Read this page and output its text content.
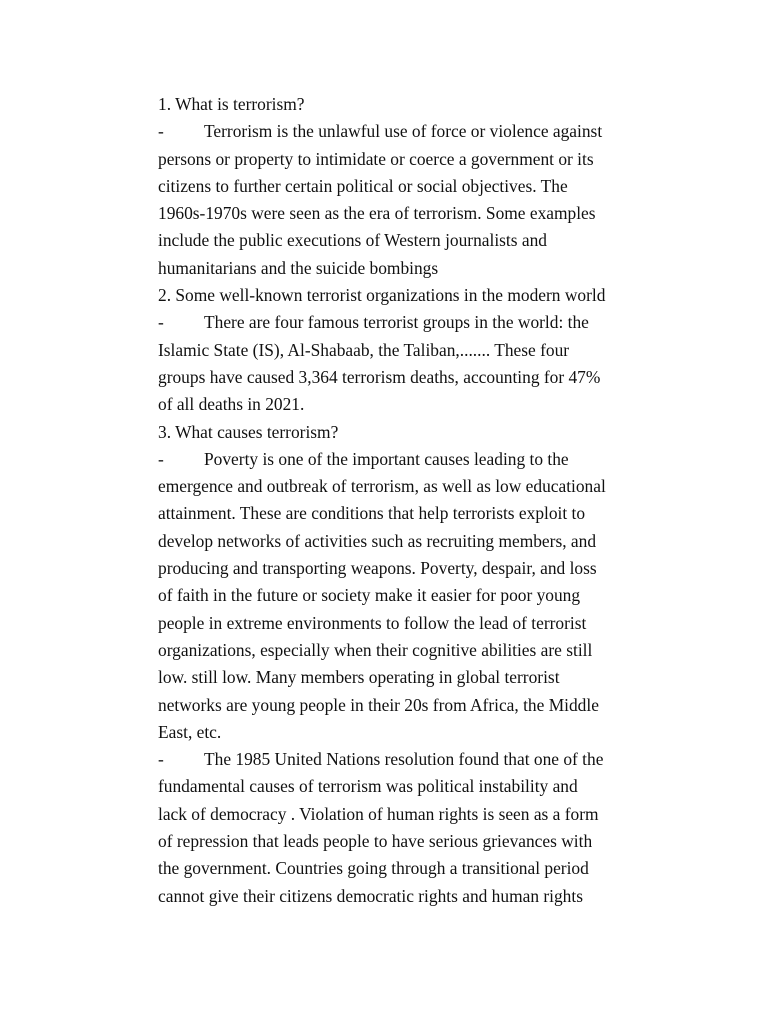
1. What is terrorism?
- Terrorism is the unlawful use of force or violence against
persons or property to intimidate or coerce a government or its
citizens to further certain political or social objectives. The
1960s-1970s were seen as the era of terrorism. Some examples
include the public executions of Western journalists and
humanitarians and the suicide bombings
2. Some well-known terrorist organizations in the modern world
- There are four famous terrorist groups in the world: the
Islamic State (IS), Al-Shabaab, the Taliban,....... These four
groups have caused 3,364 terrorism deaths, accounting for 47%
of all deaths in 2021.
3. What causes terrorism?
- Poverty is one of the important causes leading to the
emergence and outbreak of terrorism, as well as low educational
attainment. These are conditions that help terrorists exploit to
develop networks of activities such as recruiting members, and
producing and transporting weapons. Poverty, despair, and loss
of faith in the future or society make it easier for poor young
people in extreme environments to follow the lead of terrorist
organizations, especially when their cognitive abilities are still
low. still low. Many members operating in global terrorist
networks are young people in their 20s from Africa, the Middle
East, etc.
- The 1985 United Nations resolution found that one of the
fundamental causes of terrorism was political instability and
lack of democracy . Violation of human rights is seen as a form
of repression that leads people to have serious grievances with
the government. Countries going through a transitional period
cannot give their citizens democratic rights and human rights
